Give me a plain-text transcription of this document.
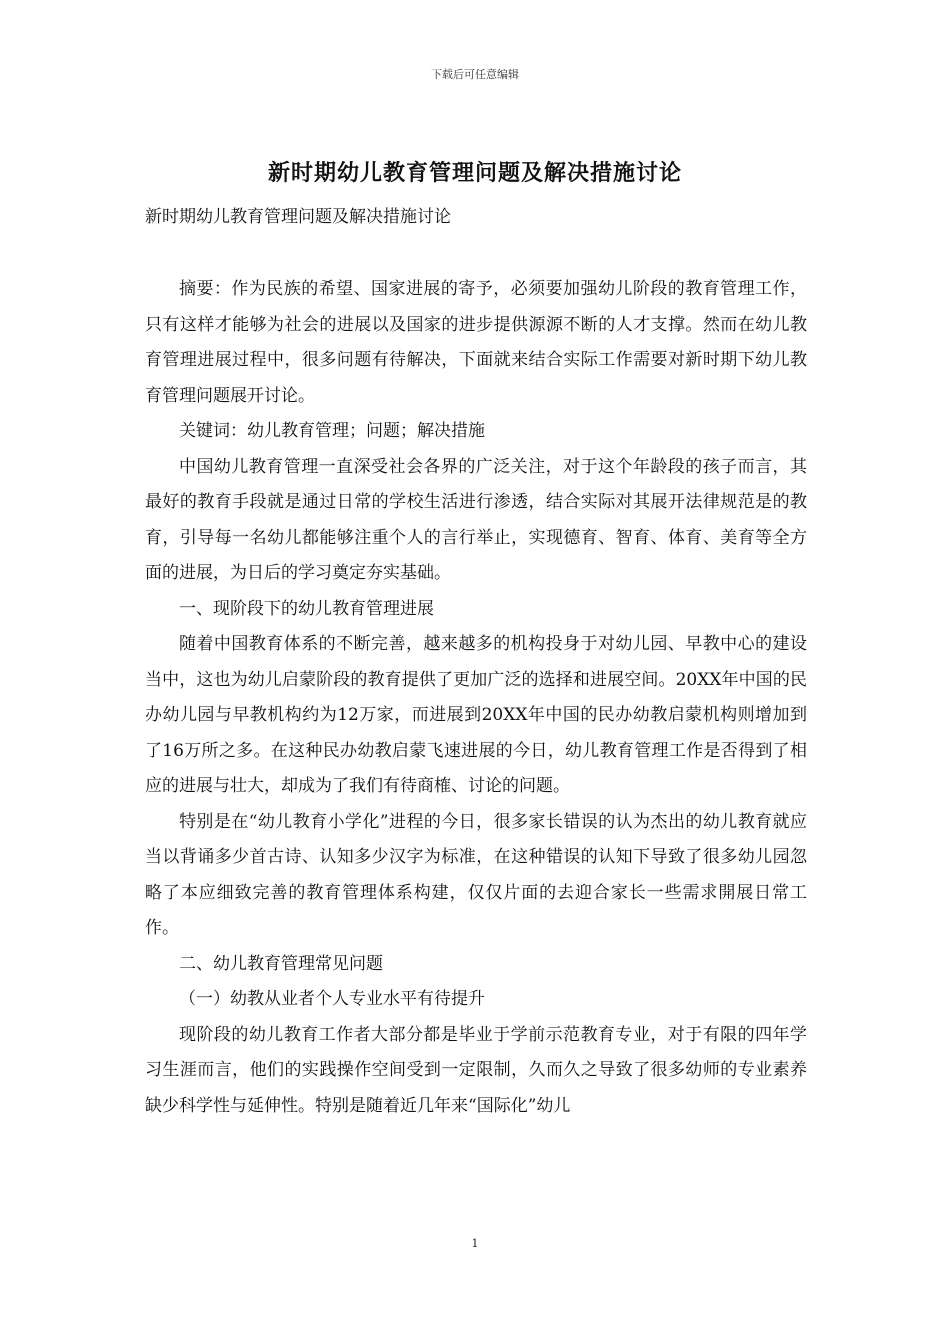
下载后可任意编辑
新时期幼儿教育管理问题及解决措施讨论
新时期幼儿教育管理问题及解决措施讨论

摘要：作为民族的希望、国家进展的寄予，必须要加强幼儿阶段的教育管理工作，只有这样才能够为社会的进展以及国家的进步提供源源不断的人才支撑。然而在幼儿教育管理进展过程中，很多问题有待解决，下面就来结合实际工作需要对新时期下幼儿教育管理问题展开讨论。

关键词：幼儿教育管理；问题；解决措施

中国幼儿教育管理一直深受社会各界的广泛关注，对于这个年龄段的孩子而言，其最好的教育手段就是通过日常的学校生活进行渗透，结合实际对其展开法律规范是的教育，引导每一名幼儿都能够注重个人的言行举止，实现德育、智育、体育、美育等全方面的进展，为日后的学习奠定夯实基础。

一、现阶段下的幼儿教育管理进展

随着中国教育体系的不断完善，越来越多的机构投身于对幼儿园、早教中心的建设当中，这也为幼儿启蒙阶段的教育提供了更加广泛的选择和进展空间。20XX年中国的民办幼儿园与早教机构约为12万家，而进展到20XX年中国的民办幼教启蒙机构则增加到了16万所之多。在这种民办幼教启蒙飞速进展的今日，幼儿教育管理工作是否得到了相应的进展与壮大，却成为了我们有待商榷、讨论的问题。

特别是在“幼儿教育小学化”进程的今日，很多家长错误的认为杰出的幼儿教育就应当以背诵多少首古诗、认知多少汉字为标准，在这种错误的认知下导致了很多幼儿园忽略了本应细致完善的教育管理体系构建，仅仅片面的去迎合家长一些需求開展日常工作。

二、幼儿教育管理常见问题

（一）幼教从业者个人专业水平有待提升

现阶段的幼儿教育工作者大部分都是毕业于学前示范教育专业，对于有限的四年学习生涯而言，他们的实践操作空间受到一定限制，久而久之导致了很多幼师的专业素养缺少科学性与延伸性。特别是随着近几年来“国际化”幼儿

1
